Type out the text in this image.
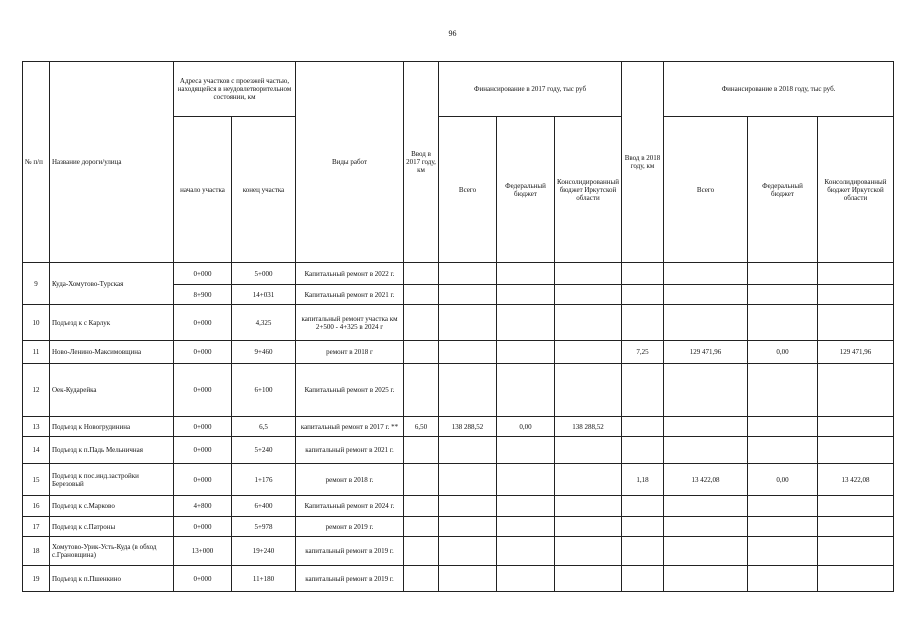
96
№ п/п	Название дороги/улица	Адреса участков с проезжей частью, находящейся в неудовлетворительном состоянии, км		Виды работ	Ввод в 2017 году, км	Финансирование в 2017 году, тыс руб			Ввод в 2018 году, км	Финансирование в 2018 году, тыс руб.		
		начало участка	конец участка			Всего	Федеральный бюджет	Консолидированный бюджет Иркутской области		Всего	Федеральный бюджет	Консолидированный бюджет Иркутской области
9	Куда-Хомутово-Турская	0+000	5+000	Капитальный ремонт в 2022 г.								
		8+900	14+031	Капитальный ремонт в 2021 г.								
10	Подъезд к с Карлук	0+000	4,325	капитальный ремонт участка км 2+500 - 4+325 в 2024 г								
11	Ново-Ленино-Максимовщина	0+000	9+460	ремонт в 2018 г					7,25	129 471,96	0,00	129 471,96
12	Оек-Кударейка	0+000	6+100	Капитальный ремонт в 2025 г.								
13	Подъезд к Новогрудинина	0+000	6,5	капитальный ремонт в 2017 г. **	6,50	138 288,52	0,00	138 288,52				
14	Подъезд к п.Падь Мельничная	0+000	5+240	капитальный ремонт в 2021 г.								
15	Подъезд к пос.инд.застройки Березовый	0+000	1+176	ремонт в 2018 г.					1,18	13 422,08	0,00	13 422,08
16	Подъезд к с.Марково	4+800	6+400	Капитальный ремонт в 2024 г.								
17	Подъезд к с.Патроны	0+000	5+978	ремонт в 2019 г.								
18	Хомутово-Урик-Усть-Куда (в обход с.Грановщина)	13+000	19+240	капитальный ремонт в 2019 г.								
19	Подъезд к п.Пшенкино	0+000	11+180	капитальный ремонт в 2019 г.								
